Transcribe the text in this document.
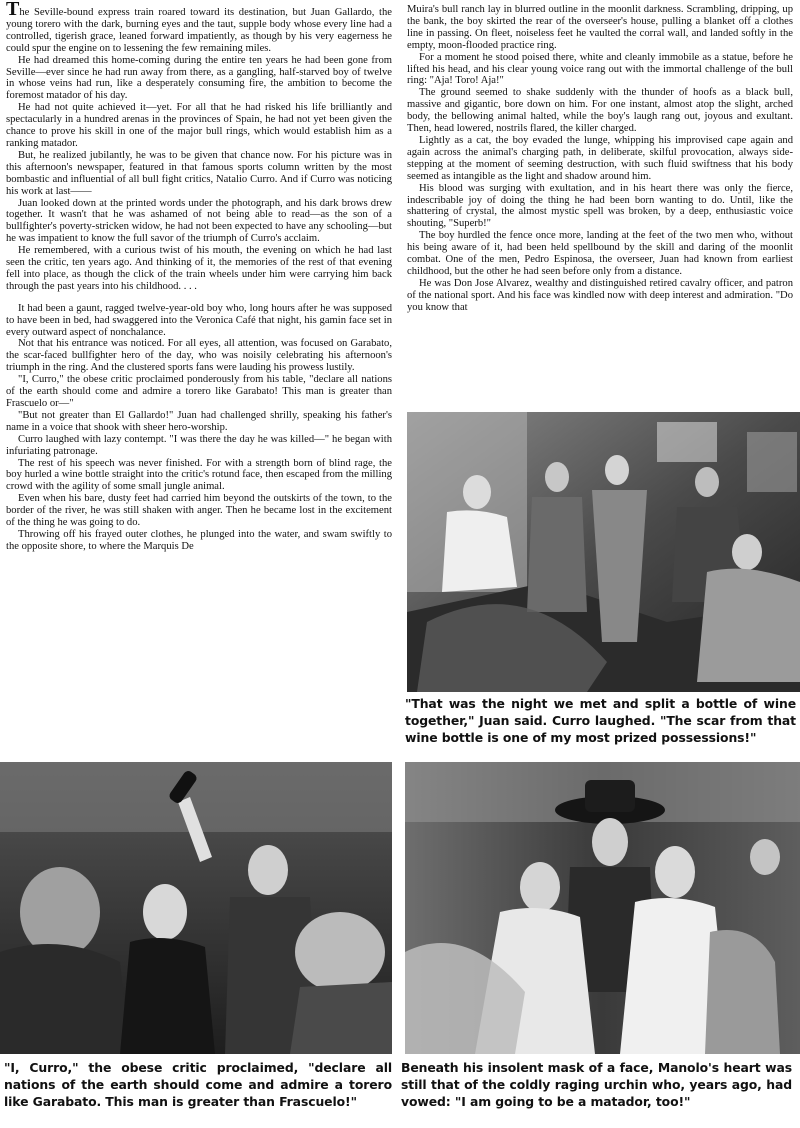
The Seville-bound express train roared toward its destination, but Juan Gallardo, the young torero with the dark, burning eyes and the taut, supple body whose every line had a controlled, tigerish grace, leaned forward impatiently, as though by his very eagerness he could spur the engine on to lessening the few remaining miles.

He had dreamed this home-coming during the entire ten years he had been gone from Seville—ever since he had run away from there, as a gangling, half-starved boy of twelve in whose veins had run, like a desperately consuming fire, the ambition to become the foremost matador of his day.

He had not quite achieved it—yet. For all that he had risked his life brilliantly and spectacularly in a hundred arenas in the provinces of Spain, he had not yet been given the chance to prove his skill in one of the major bull rings, which would establish him as a ranking matador.

But, he realized jubilantly, he was to be given that chance now. For his picture was in this afternoon's newspaper, featured in that famous sports column written by the most bombastic and influential of all bull fight critics, Natalio Curro. And if Curro was noticing his work at last——

Juan looked down at the printed words under the photograph, and his dark brows drew together. It wasn't that he was ashamed of not being able to read—as the son of a bullfighter's poverty-stricken widow, he had not been expected to have any schooling—but he was impatient to know the full savor of the triumph of Curro's acclaim.

He remembered, with a curious twist of his mouth, the evening on which he had last seen the critic, ten years ago. And thinking of it, the memories of the rest of that evening fell into place, as though the click of the train wheels under him were carrying him back through the past years into his childhood. . . .

It had been a gaunt, ragged twelve-year-old boy who, long hours after he was supposed to have been in bed, had swaggered into the Veronica Café that night, his gamin face set in every outward aspect of nonchalance.

Not that his entrance was noticed. For all eyes, all attention, was focused on Garabato, the scar-faced bullfighter hero of the day, who was noisily celebrating his afternoon's triumph in the ring. And the clustered sports fans were lauding his prowess lustily.

"I, Curro," the obese critic proclaimed ponderously from his table, "declare all nations of the earth should come and admire a torero like Garabato! This man is greater than Frascuelo or—"

"But not greater than El Gallardo!" Juan had challenged shrilly, speaking his father's name in a voice that shook with sheer hero-worship.

Curro laughed with lazy contempt. "I was there the day he was killed—" he began with infuriating patronage.

The rest of his speech was never finished. For with a strength born of blind rage, the boy hurled a wine bottle straight into the critic's rotund face, then escaped from the milling crowd with the agility of some small jungle animal.

Even when his bare, dusty feet had carried him beyond the outskirts of the town, to the border of the river, he was still shaken with anger. Then he became lost in the excitement of the thing he was going to do.

Throwing off his frayed outer clothes, he plunged into the water, and swam swiftly to the opposite shore, to where the Marquis De

Muira's bull ranch lay in blurred outline in the moonlit darkness. Scrambling, dripping, up the bank, the boy skirted the rear of the overseer's house, pulling a blanket off a clothes line in passing. On fleet, noiseless feet he vaulted the corral wall, and landed softly in the empty, moon-flooded practice ring.

For a moment he stood poised there, white and cleanly immobile as a statue, before he lifted his head, and his clear young voice rang out with the immortal challenge of the bull ring: "Aja! Toro! Aja!"

The ground seemed to shake suddenly with the thunder of hoofs as a black bull, massive and gigantic, bore down on him. For one instant, almost atop the slight, arched body, the bellowing animal halted, while the boy's laugh rang out, joyous and exultant. Then, head lowered, nostrils flared, the killer charged.

Lightly as a cat, the boy evaded the lunge, whipping his improvised cape again and again across the animal's charging path, in deliberate, skilful provocation, always side-stepping at the moment of seeming destruction, with such fluid swiftness that his body seemed as intangible as the light and shadow around him.

His blood was surging with exultation, and in his heart there was only the fierce, indescribable joy of doing the thing he had been born wanting to do. Until, like the shattering of crystal, the almost mystic spell was broken, by a deep, enthusiastic voice shouting, "Superb!"

The boy hurdled the fence once more, landing at the feet of the two men who, without his being aware of it, had been held spellbound by the skill and daring of the moonlit combat. One of the men, Pedro Espinosa, the overseer, Juan had known from earliest childhood, but the other he had seen before only from a distance.

He was Don Jose Alvarez, wealthy and distinguished retired cavalry officer, and patron of the national sport. And his face was kindled now with deep interest and admiration. "Do you know that

"That was the night we met and split a bottle of wine together," Juan said. Curro laughed. "The scar from that wine bottle is one of my most prized possessions!"
"I, Curro," the obese critic proclaimed, "declare all nations of the earth should come and admire a torero like Garabato. This man is greater than Frascuelo!"
Beneath his insolent mask of a face, Manolo's heart was still that of the coldly raging urchin who, years ago, had vowed: "I am going to be a matador, too!"
